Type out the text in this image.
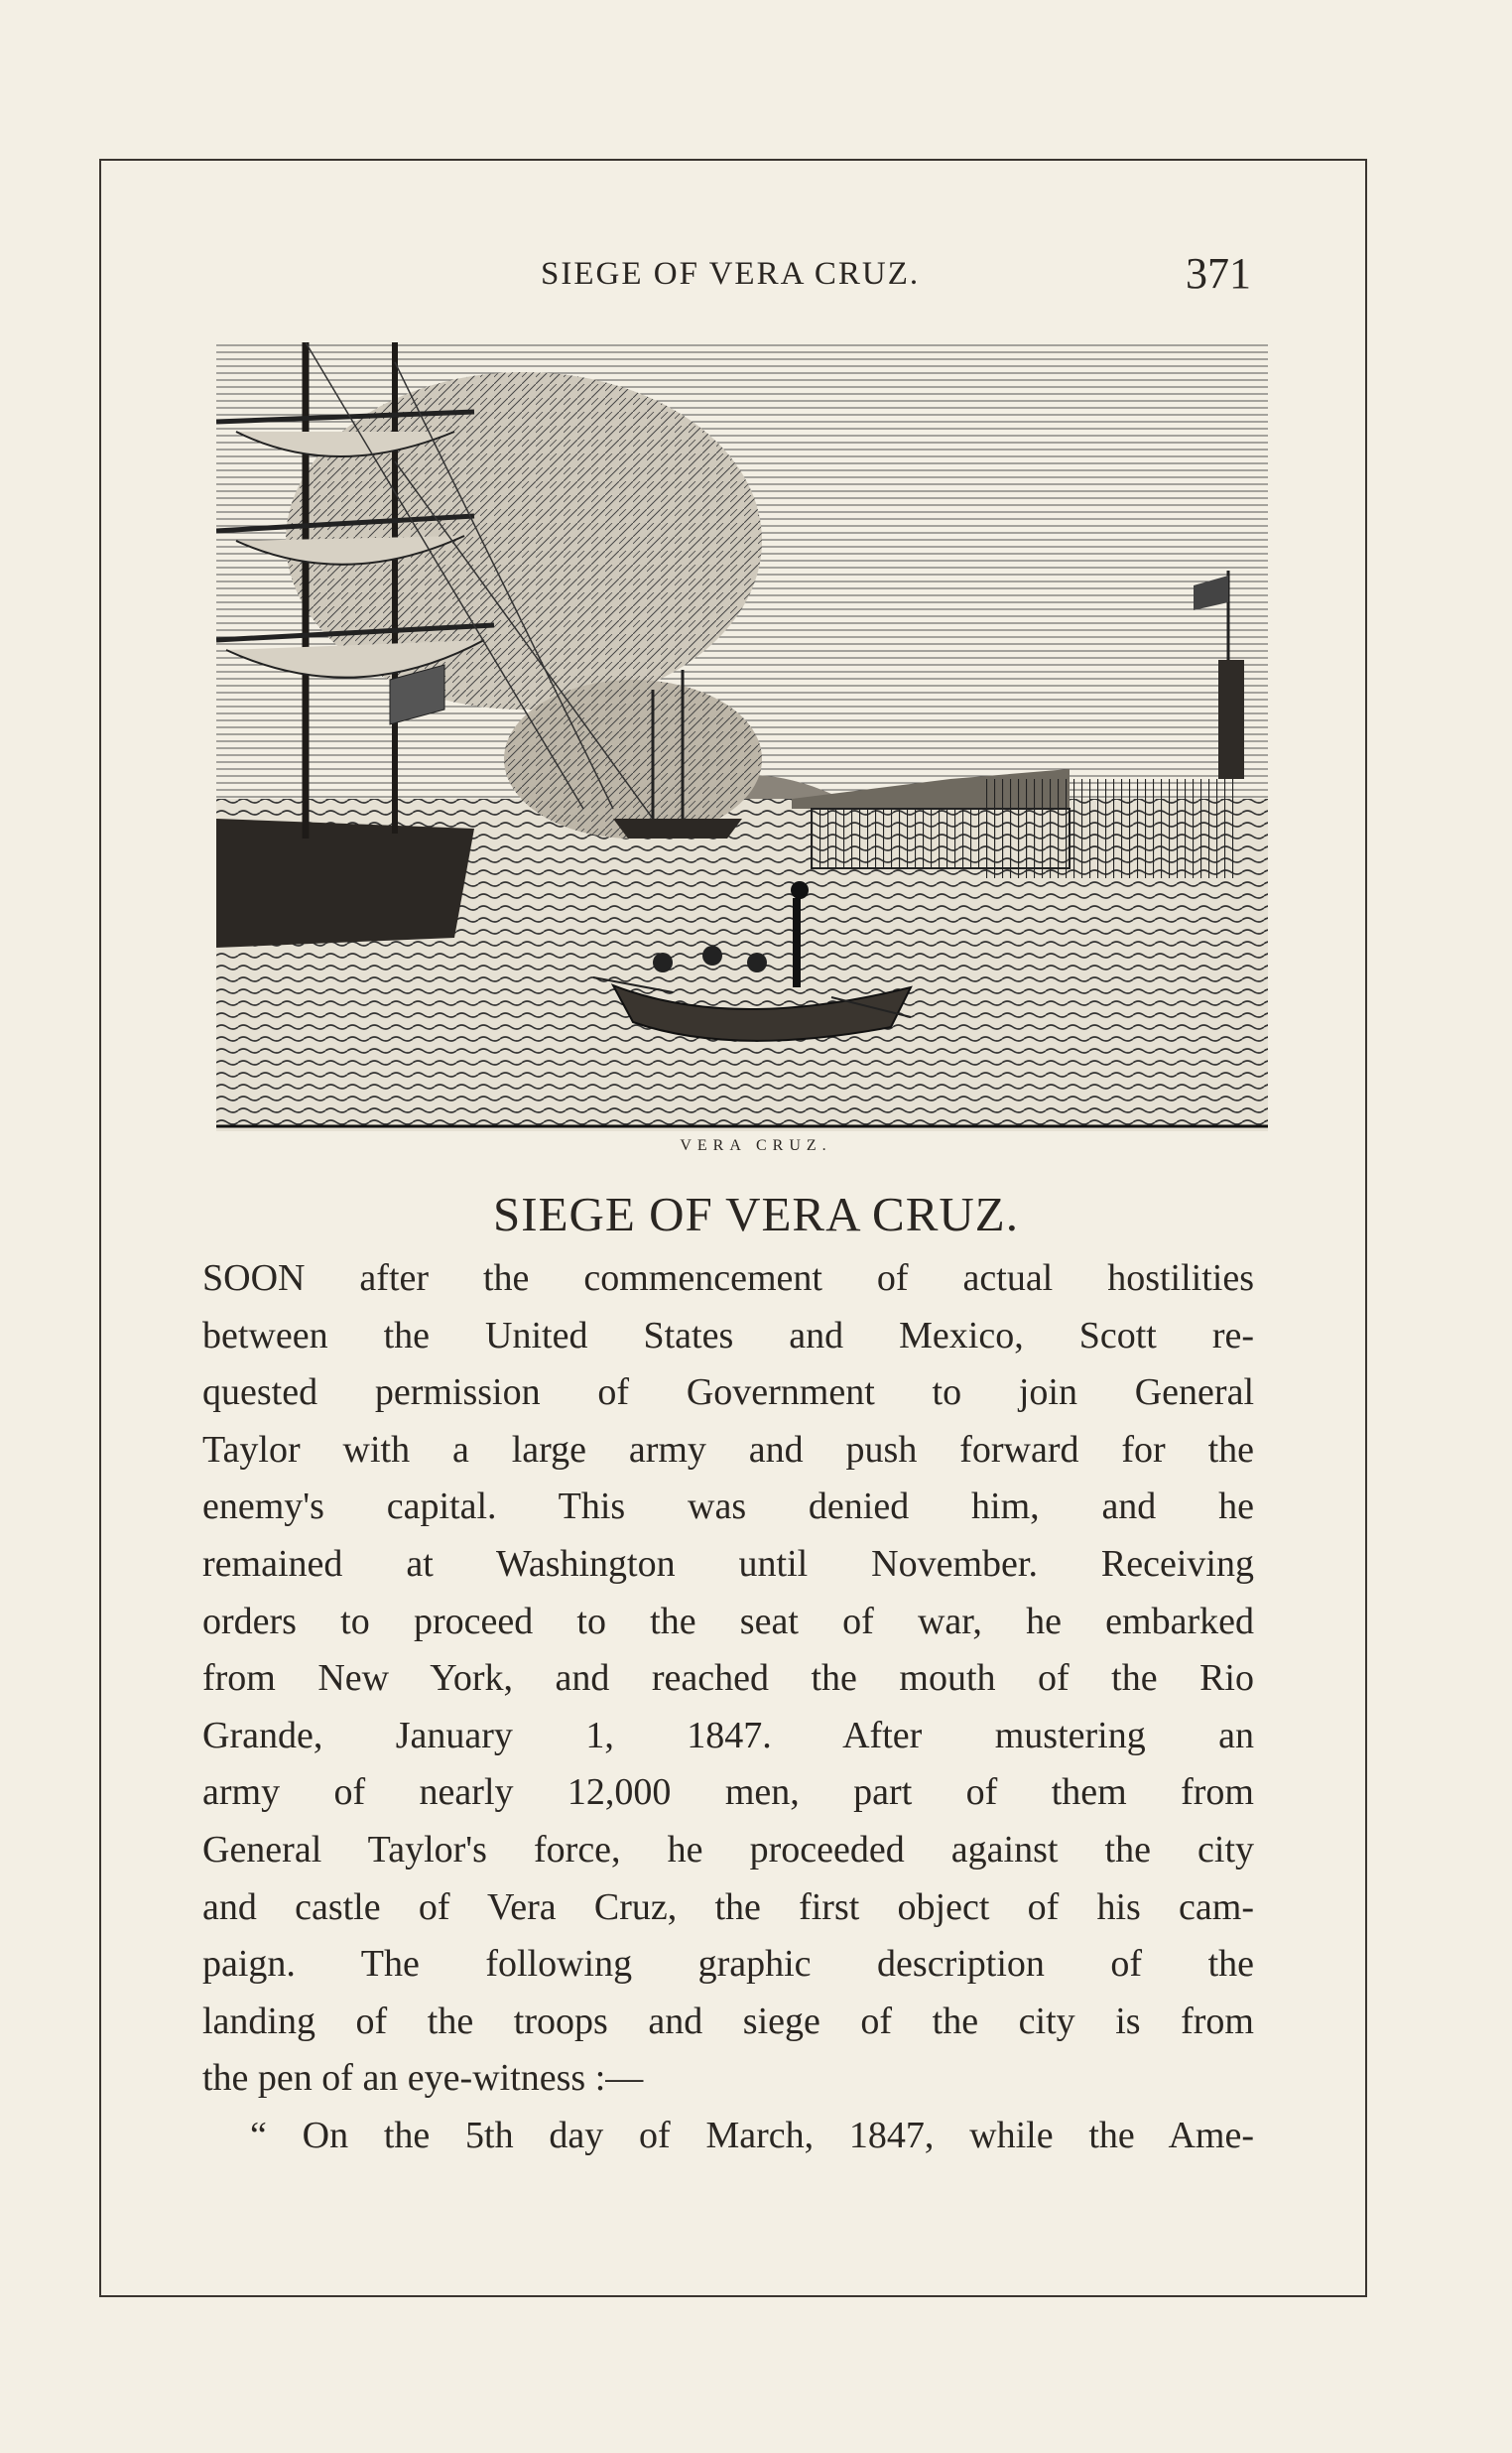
SIEGE OF VERA CRUZ.	371
VERA CRUZ.
SIEGE OF VERA CRUZ.
SOON after the commencement of actual hostilities
between the United States and Mexico, Scott re-
quested permission of Government to join General
Taylor with a large army and push forward for the
enemy's capital. This was denied him, and he
remained at Washington until November. Receiving
orders to proceed to the seat of war, he embarked
from New York, and reached the mouth of the Rio
Grande, January 1, 1847. After mustering an
army of nearly 12,000 men, part of them from
General Taylor's force, he proceeded against the city
and castle of Vera Cruz, the first object of his cam-
paign. The following graphic description of the
landing of the troops and siege of the city is from
the pen of an eye-witness :—
“ On the 5th day of March, 1847, while the Ame-
